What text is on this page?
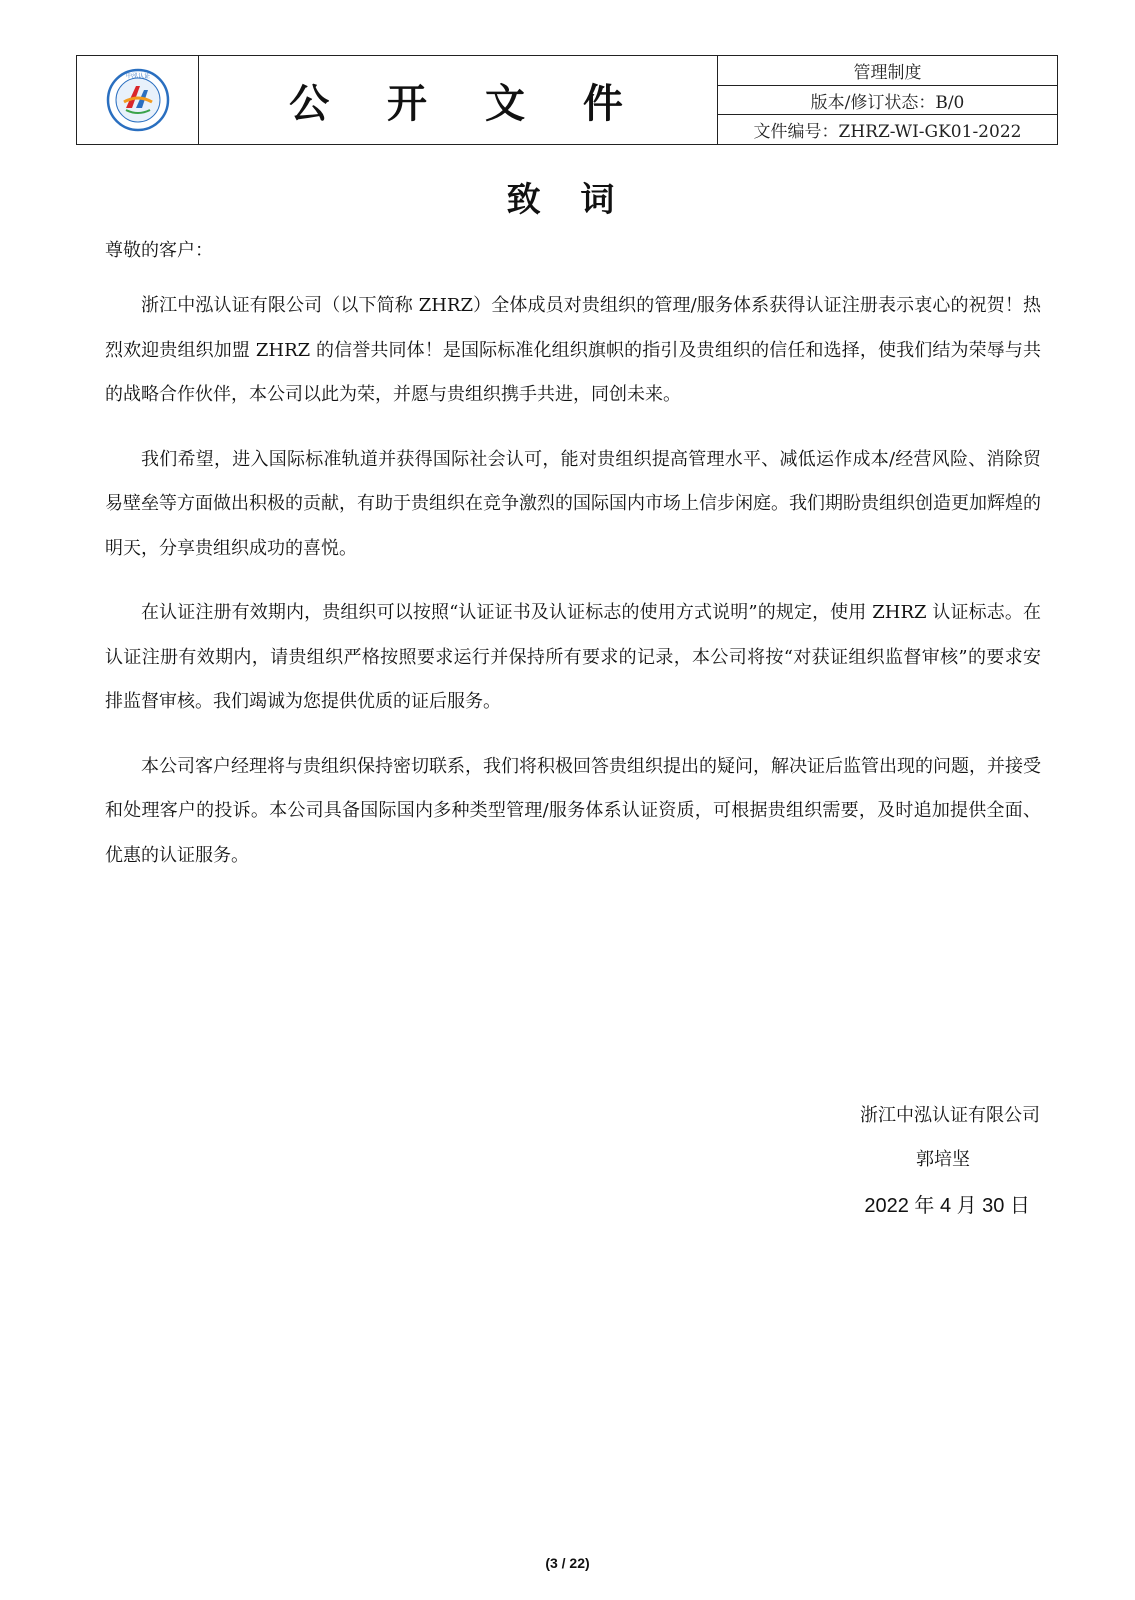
中泓认证
公 开 文 件
管理制度
版本/修订状态：B/0
文件编号：ZHRZ-WI-GK01-2022
致 词
尊敬的客户：

浙江中泓认证有限公司（以下简称 ZHRZ）全体成员对贵组织的管理/服务体系获得认证注册表示衷心的祝贺！热烈欢迎贵组织加盟 ZHRZ 的信誉共同体！是国际标准化组织旗帜的指引及贵组织的信任和选择，使我们结为荣辱与共的战略合作伙伴，本公司以此为荣，并愿与贵组织携手共进，同创未来。

我们希望，进入国际标准轨道并获得国际社会认可，能对贵组织提高管理水平、减低运作成本/经营风险、消除贸易壁垒等方面做出积极的贡献，有助于贵组织在竞争激烈的国际国内市场上信步闲庭。我们期盼贵组织创造更加辉煌的明天，分享贵组织成功的喜悦。

在认证注册有效期内，贵组织可以按照“认证证书及认证标志的使用方式说明”的规定，使用 ZHRZ 认证标志。在认证注册有效期内，请贵组织严格按照要求运行并保持所有要求的记录，本公司将按“对获证组织监督审核”的要求安排监督审核。我们竭诚为您提供优质的证后服务。

本公司客户经理将与贵组织保持密切联系，我们将积极回答贵组织提出的疑问，解决证后监管出现的问题，并接受和处理客户的投诉。本公司具备国际国内多种类型管理/服务体系认证资质，可根据贵组织需要，及时追加提供全面、优惠的认证服务。

浙江中泓认证有限公司
郭培坚
2022 年 4 月 30 日
(3 / 22)
